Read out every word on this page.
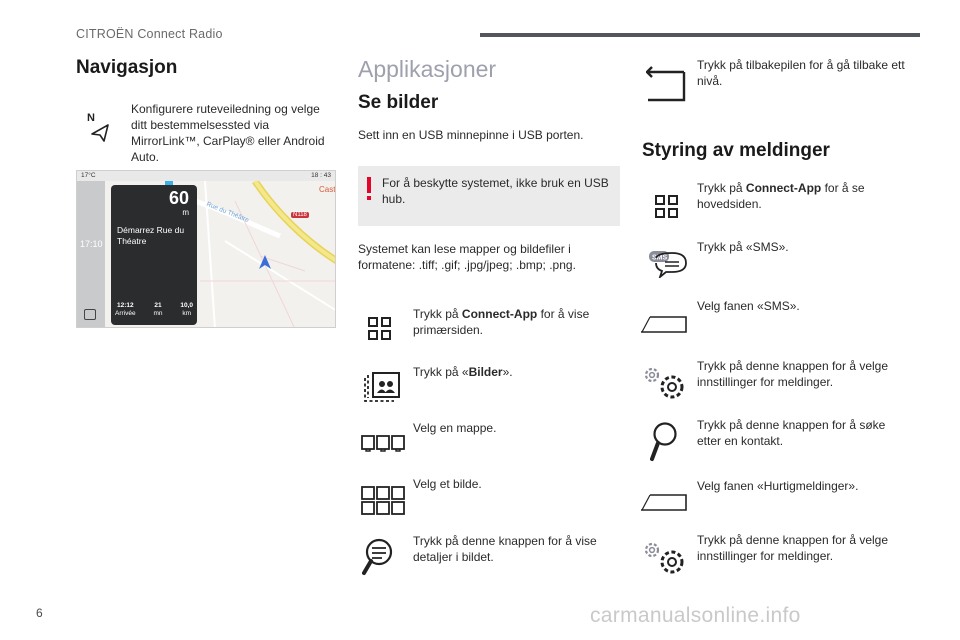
CITROËN Connect Radio
Navigasjon
N
Konfigurere ruteveiledning og velge ditt bestemmelsessted via MirrorLink™, CarPlay® eller Android Auto.
Cast
N118
Rue du Théâtre
17°C	18 : 43
17:10
60
m
Démarrez Rue du Théatre
12:12
Arrivée
21
mn
10,0
km
Applikasjoner
Se bilder
Sett inn en USB minnepinne i USB porten.
For å beskytte systemet, ikke bruk en USB hub.
Systemet kan lese mapper og bildefiler i formatene: .tiff; .gif; .jpg/jpeg; .bmp; .png.
Trykk på Connect-App for å vise primærsiden.
Trykk på «Bilder».
Velg en mappe.
Velg et bilde.
Trykk på denne knappen for å vise detaljer i bildet.
Trykk på tilbakepilen for å gå tilbake ett nivå.
Styring av meldinger
Trykk på Connect-App for å se hovedsiden.
SMS
Trykk på «SMS».
Velg fanen «SMS».
Trykk på denne knappen for å velge innstillinger for meldinger.
Trykk på denne knappen for å søke etter en kontakt.
Velg fanen «Hurtigmeldinger».
Trykk på denne knappen for å velge innstillinger for meldinger.
6	carmanualsonline.info
